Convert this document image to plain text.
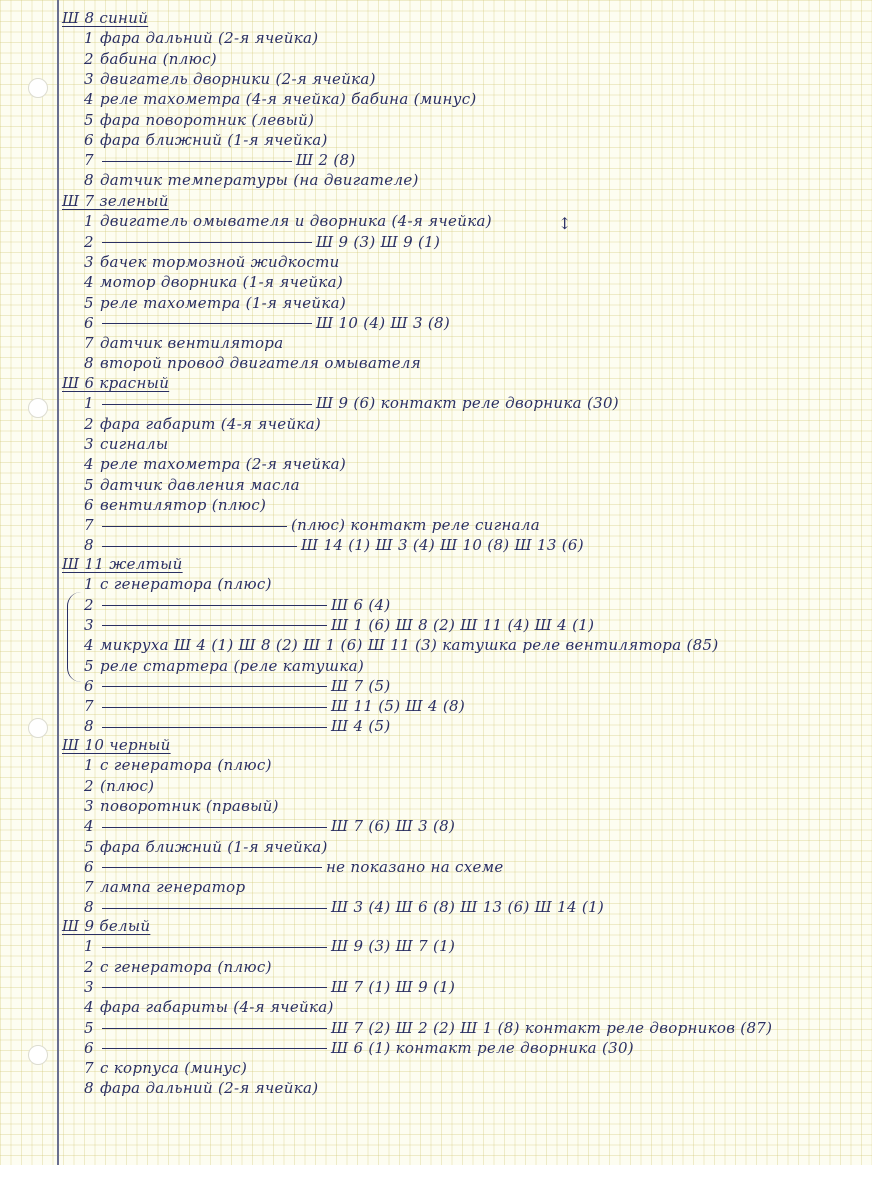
↕
Ш 8 синий
1 фара дальний (2-я ячейка)
2 бабина (плюс)
3 двигатель дворники (2-я ячейка)
4 реле тахометра (4-я ячейка) бабина (минус)
5 фара поворотник (левый)
6 фара ближний (1-я ячейка)
7	Ш 2 (8)
8 датчик температуры (на двигателе)
Ш 7 зеленый
1 двигатель омывателя и дворника (4-я ячейка)
2	Ш 9 (3) Ш 9 (1)
3 бачек тормозной жидкости
4 мотор дворника (1-я ячейка)
5 реле тахометра (1-я ячейка)
6	Ш 10 (4) Ш 3 (8)
7 датчик вентилятора
8 второй провод двигателя омывателя
Ш 6 красный
1	Ш 9 (6) контакт реле дворника (30)
2 фара габарит (4-я ячейка)
3 сигналы
4 реле тахометра (2-я ячейка)
5 датчик давления масла
6 вентилятор (плюс)
7	(плюс) контакт реле сигнала
8	Ш 14 (1) Ш 3 (4) Ш 10 (8) Ш 13 (6)
Ш 11 желтый
1 с генератора (плюс)
2	Ш 6 (4)
3	Ш 1 (6) Ш 8 (2) Ш 11 (4) Ш 4 (1)
4 микруха Ш 4 (1) Ш 8 (2) Ш 1 (6) Ш 11 (3) катушка реле вентилятора (85)
5 реле стартера (реле катушка)
6	Ш 7 (5)
7	Ш 11 (5) Ш 4 (8)
8	Ш 4 (5)
Ш 10 черный
1 с генератора (плюс)
2 (плюс)
3 поворотник (правый)
4	Ш 7 (6) Ш 3 (8)
5 фара ближний (1-я ячейка)
6	не показано на схеме
7 лампа генератор
8	Ш 3 (4) Ш 6 (8) Ш 13 (6) Ш 14 (1)
Ш 9 белый
1	Ш 9 (3) Ш 7 (1)
2 с генератора (плюс)
3	Ш 7 (1) Ш 9 (1)
4 фара габариты (4-я ячейка)
5	Ш 7 (2) Ш 2 (2) Ш 1 (8) контакт реле дворников (87)
6	Ш 6 (1) контакт реле дворника (30)
7 с корпуса (минус)
8 фара дальний (2-я ячейка)
